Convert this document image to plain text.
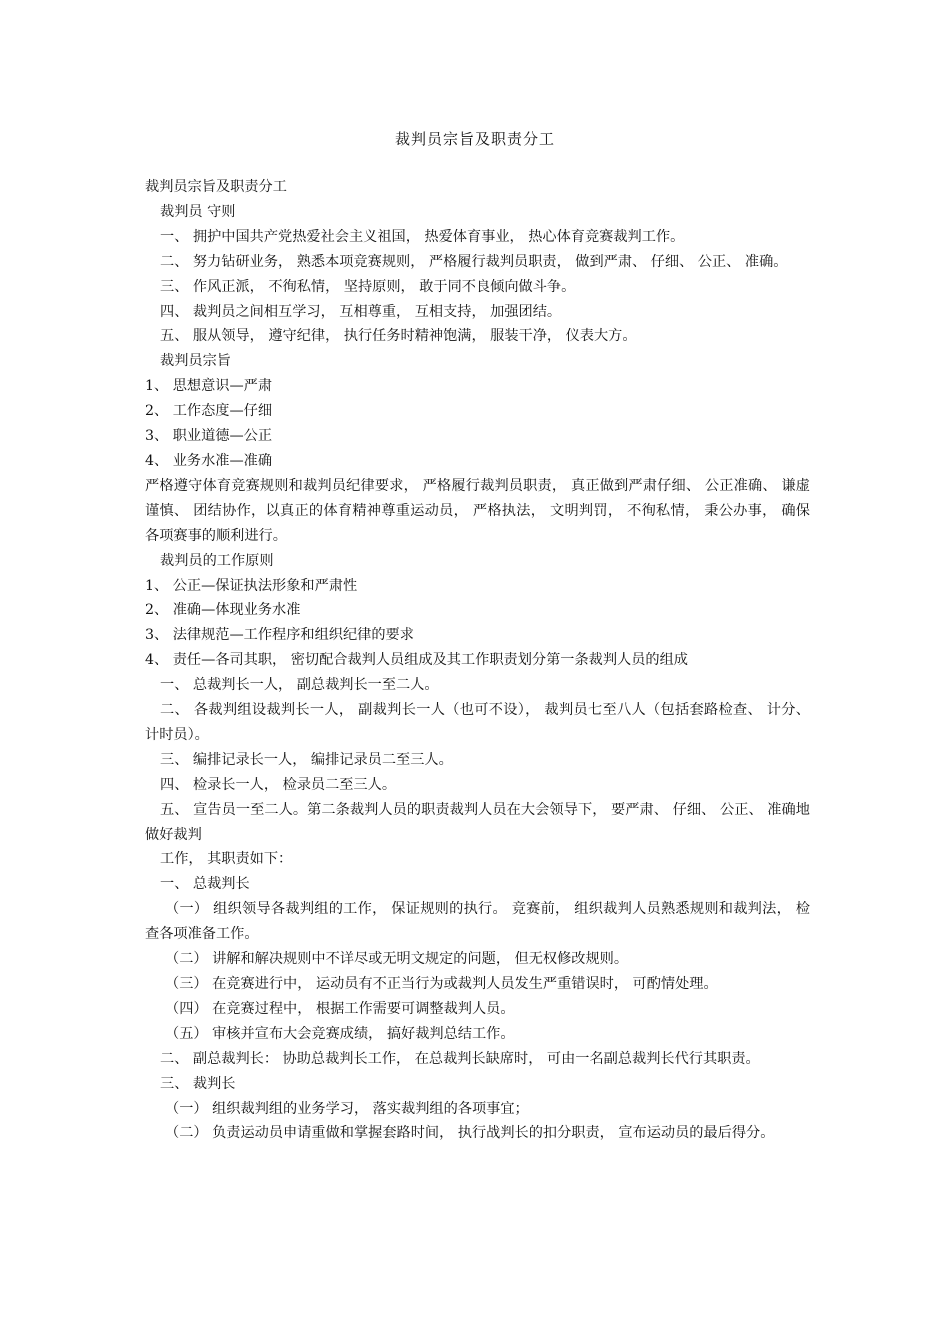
裁判员宗旨及职责分工

裁判员宗旨及职责分工

裁判员 守则

一、 拥护中国共产党热爱社会主义祖国， 热爱体育事业， 热心体育竞赛裁判工作。

二、 努力钻研业务， 熟悉本项竞赛规则， 严格履行裁判员职责， 做到严肃、 仔细、 公正、 准确。

三、 作风正派， 不徇私情， 坚持原则， 敢于同不良倾向做斗争。

四、 裁判员之间相互学习， 互相尊重， 互相支持， 加强团结。

五、 服从领导， 遵守纪律， 执行任务时精神饱满， 服装干净， 仪表大方。

裁判员宗旨

1、 思想意识—严肃

2、 工作态度—仔细

3、 职业道德—公正

4、 业务水准—准确

严格遵守体育竞赛规则和裁判员纪律要求， 严格履行裁判员职责， 真正做到严肃仔细、 公正准确、 谦虚谨慎、 团结协作，以真正的体育精神尊重运动员， 严格执法， 文明判罚， 不徇私情， 秉公办事， 确保各项赛事的顺利进行。

裁判员的工作原则

1、 公正—保证执法形象和严肃性

2、 准确—体现业务水准

3、 法律规范—工作程序和组织纪律的要求

4、 责任—各司其职， 密切配合裁判人员组成及其工作职责划分第一条裁判人员的组成

一、 总裁判长一人， 副总裁判长一至二人。

二、 各裁判组设裁判长一人， 副裁判长一人（也可不设）， 裁判员七至八人（包括套路检查、 计分、 计时员）。

三、 编排记录长一人， 编排记录员二至三人。

四、 检录长一人， 检录员二至三人。

五、 宣告员一至二人。第二条裁判人员的职责裁判人员在大会领导下， 要严肃、 仔细、 公正、 准确地做好裁判

工作， 其职责如下：

一、 总裁判长

（一） 组织领导各裁判组的工作， 保证规则的执行。 竞赛前， 组织裁判人员熟悉规则和裁判法， 检查各项准备工作。

（二） 讲解和解决规则中不详尽或无明文规定的问题， 但无权修改规则。

（三） 在竞赛进行中， 运动员有不正当行为或裁判人员发生严重错误时， 可酌情处理。

（四） 在竞赛过程中， 根据工作需要可调整裁判人员。

（五） 审核并宣布大会竞赛成绩， 搞好裁判总结工作。

二、 副总裁判长： 协助总裁判长工作， 在总裁判长缺席时， 可由一名副总裁判长代行其职责。

三、 裁判长

（一） 组织裁判组的业务学习， 落实裁判组的各项事宜；

（二） 负责运动员申请重做和掌握套路时间， 执行战判长的扣分职责， 宣布运动员的最后得分。
